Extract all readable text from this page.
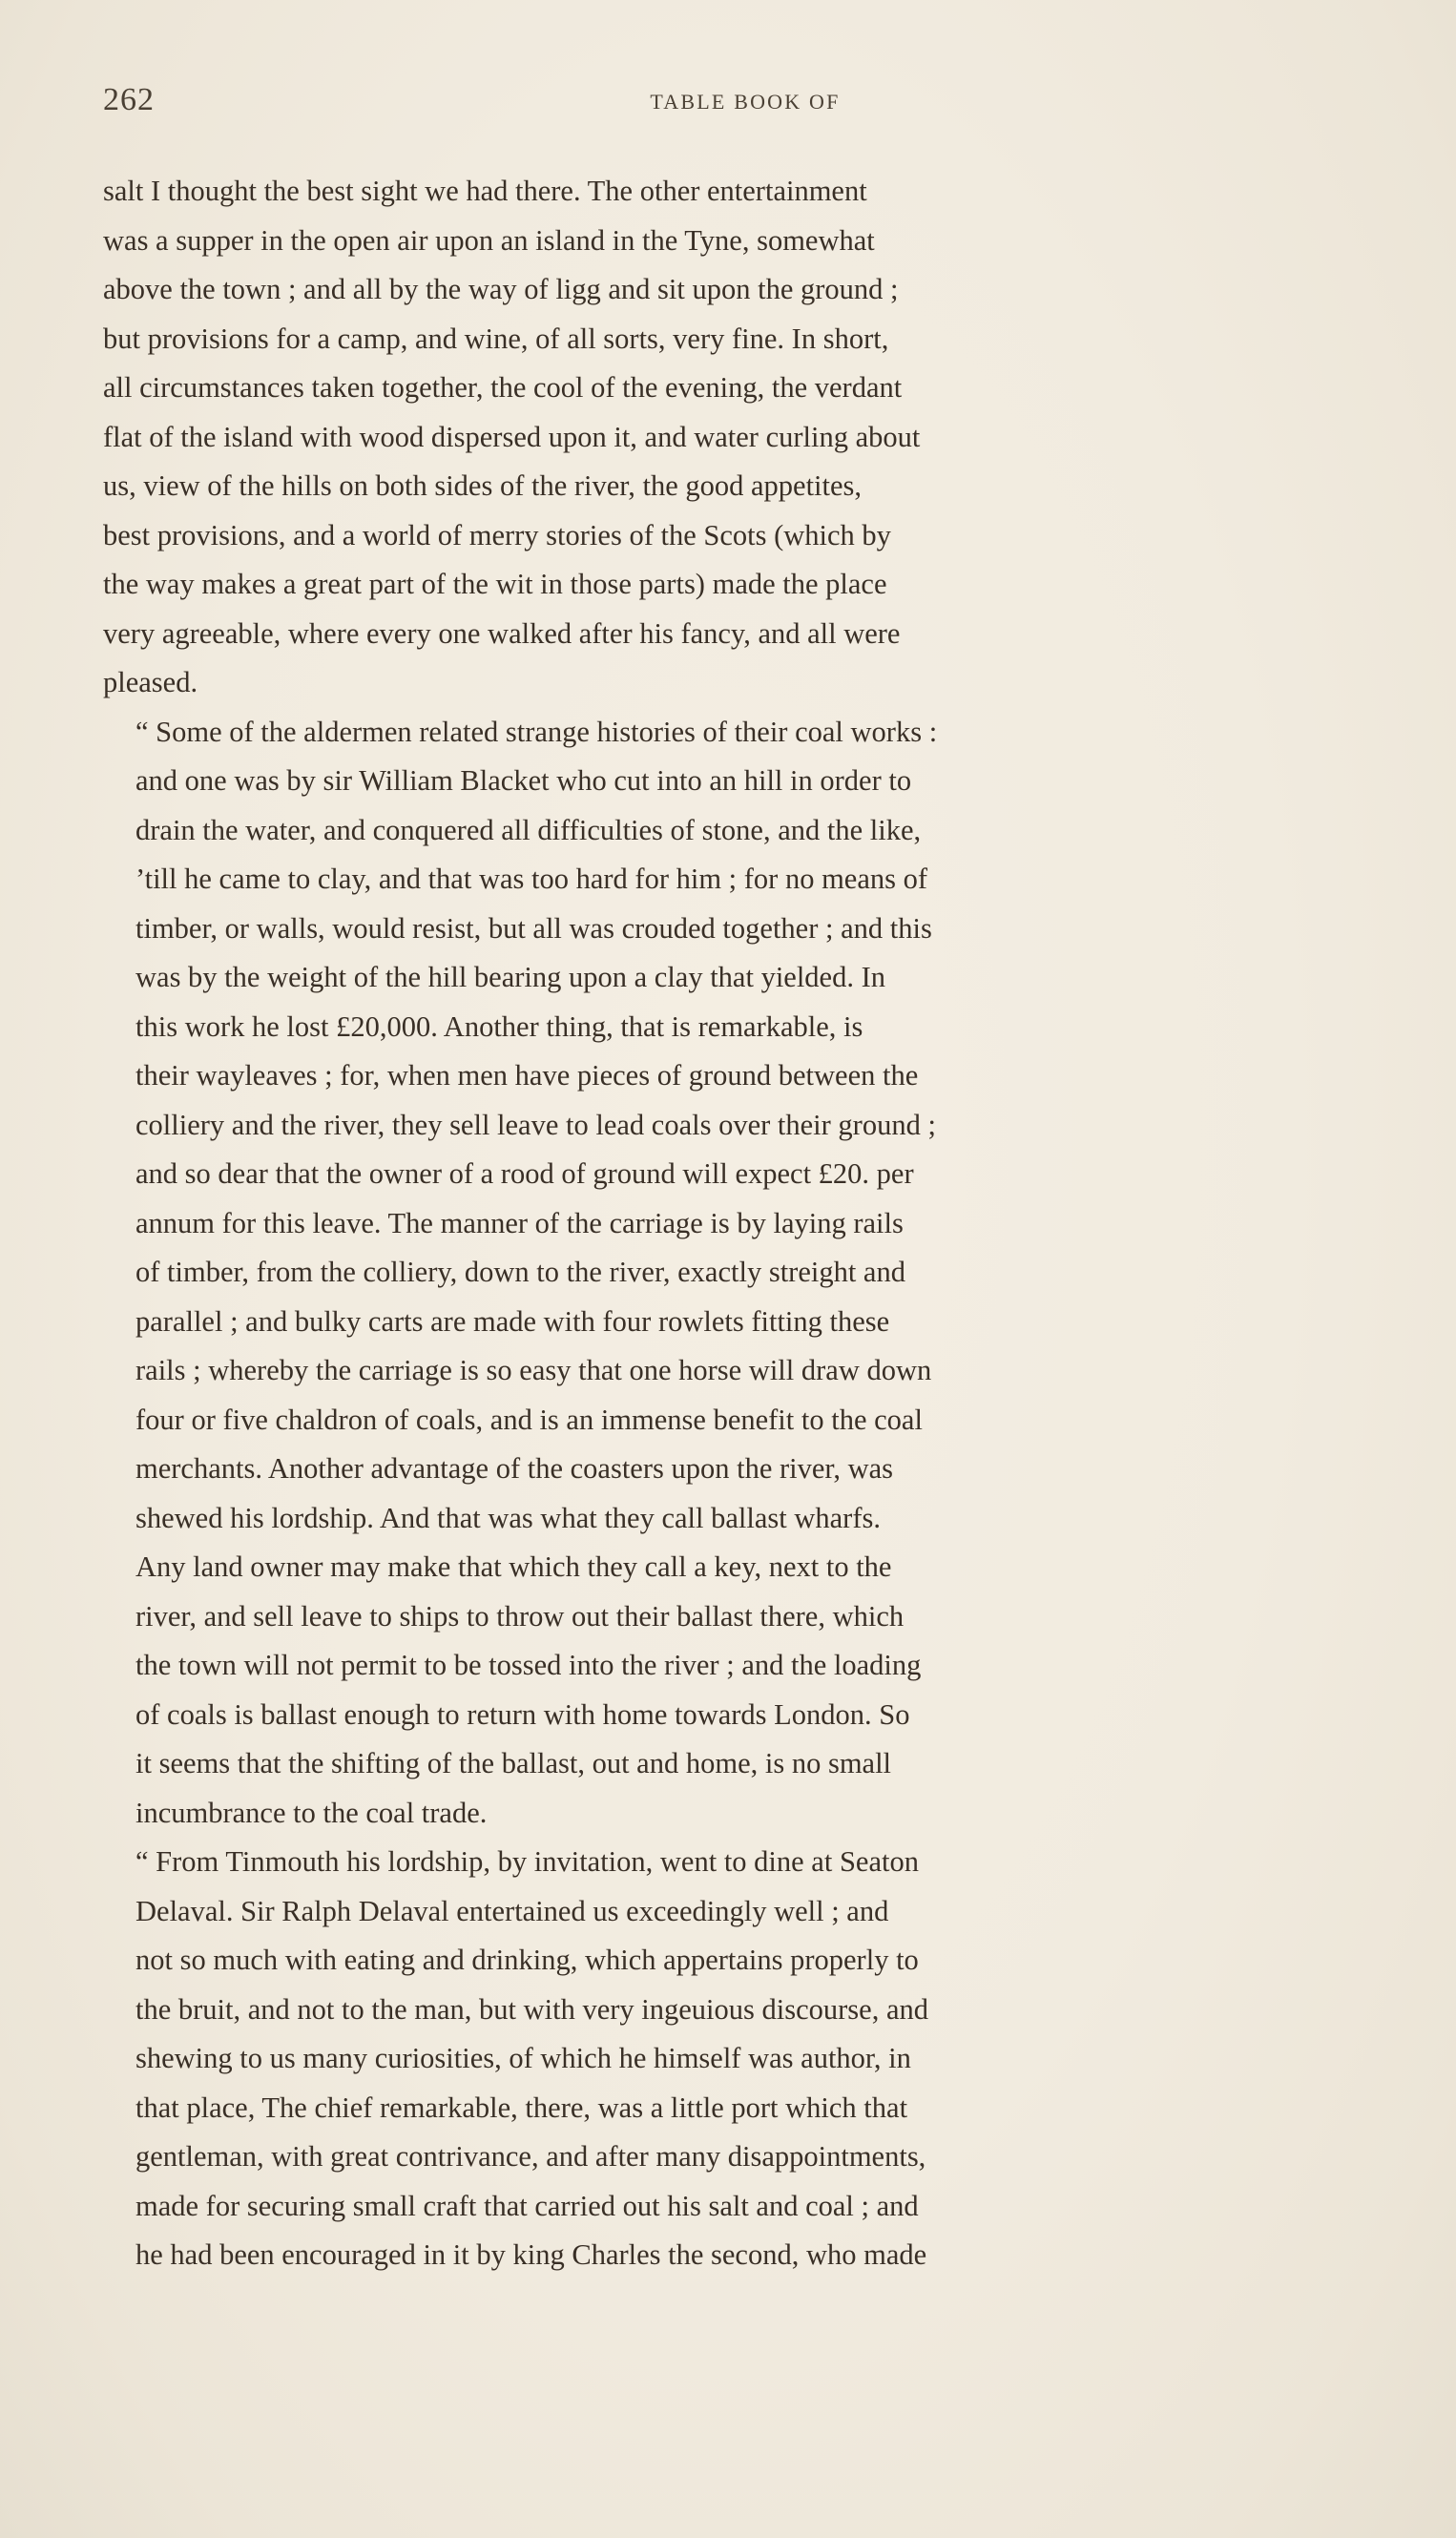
262	TABLE BOOK OF

salt I thought the best sight we had there. The other entertainment
was a supper in the open air upon an island in the Tyne, somewhat
above the town ; and all by the way of ligg and sit upon the ground ;
but provisions for a camp, and wine, of all sorts, very fine. In short,
all circumstances taken together, the cool of the evening, the verdant
flat of the island with wood dispersed upon it, and water curling about
us, view of the hills on both sides of the river, the good appetites,
best provisions, and a world of merry stories of the Scots (which by
the way makes a great part of the wit in those parts) made the place
very agreeable, where every one walked after his fancy, and all were
pleased.

“ Some of the aldermen related strange histories of their coal works :
and one was by sir William Blacket who cut into an hill in order to
drain the water, and conquered all difficulties of stone, and the like,
’till he came to clay, and that was too hard for him ; for no means of
timber, or walls, would resist, but all was crouded together ; and this
was by the weight of the hill bearing upon a clay that yielded. In
this work he lost £20,000. Another thing, that is remarkable, is
their wayleaves ; for, when men have pieces of ground between the
colliery and the river, they sell leave to lead coals over their ground ;
and so dear that the owner of a rood of ground will expect £20. per
annum for this leave. The manner of the carriage is by laying rails
of timber, from the colliery, down to the river, exactly streight and
parallel ; and bulky carts are made with four rowlets fitting these
rails ; whereby the carriage is so easy that one horse will draw down
four or five chaldron of coals, and is an immense benefit to the coal
merchants. Another advantage of the coasters upon the river, was
shewed his lordship. And that was what they call ballast wharfs.
Any land owner may make that which they call a key, next to the
river, and sell leave to ships to throw out their ballast there, which
the town will not permit to be tossed into the river ; and the loading
of coals is ballast enough to return with home towards London. So
it seems that the shifting of the ballast, out and home, is no small
incumbrance to the coal trade.

“ From Tinmouth his lordship, by invitation, went to dine at Seaton
Delaval. Sir Ralph Delaval entertained us exceedingly well ; and
not so much with eating and drinking, which appertains properly to
the bruit, and not to the man, but with very ingeuious discourse, and
shewing to us many curiosities, of which he himself was author, in
that place, The chief remarkable, there, was a little port which that
gentleman, with great contrivance, and after many disappointments,
made for securing small craft that carried out his salt and coal ; and
he had been encouraged in it by king Charles the second, who made
